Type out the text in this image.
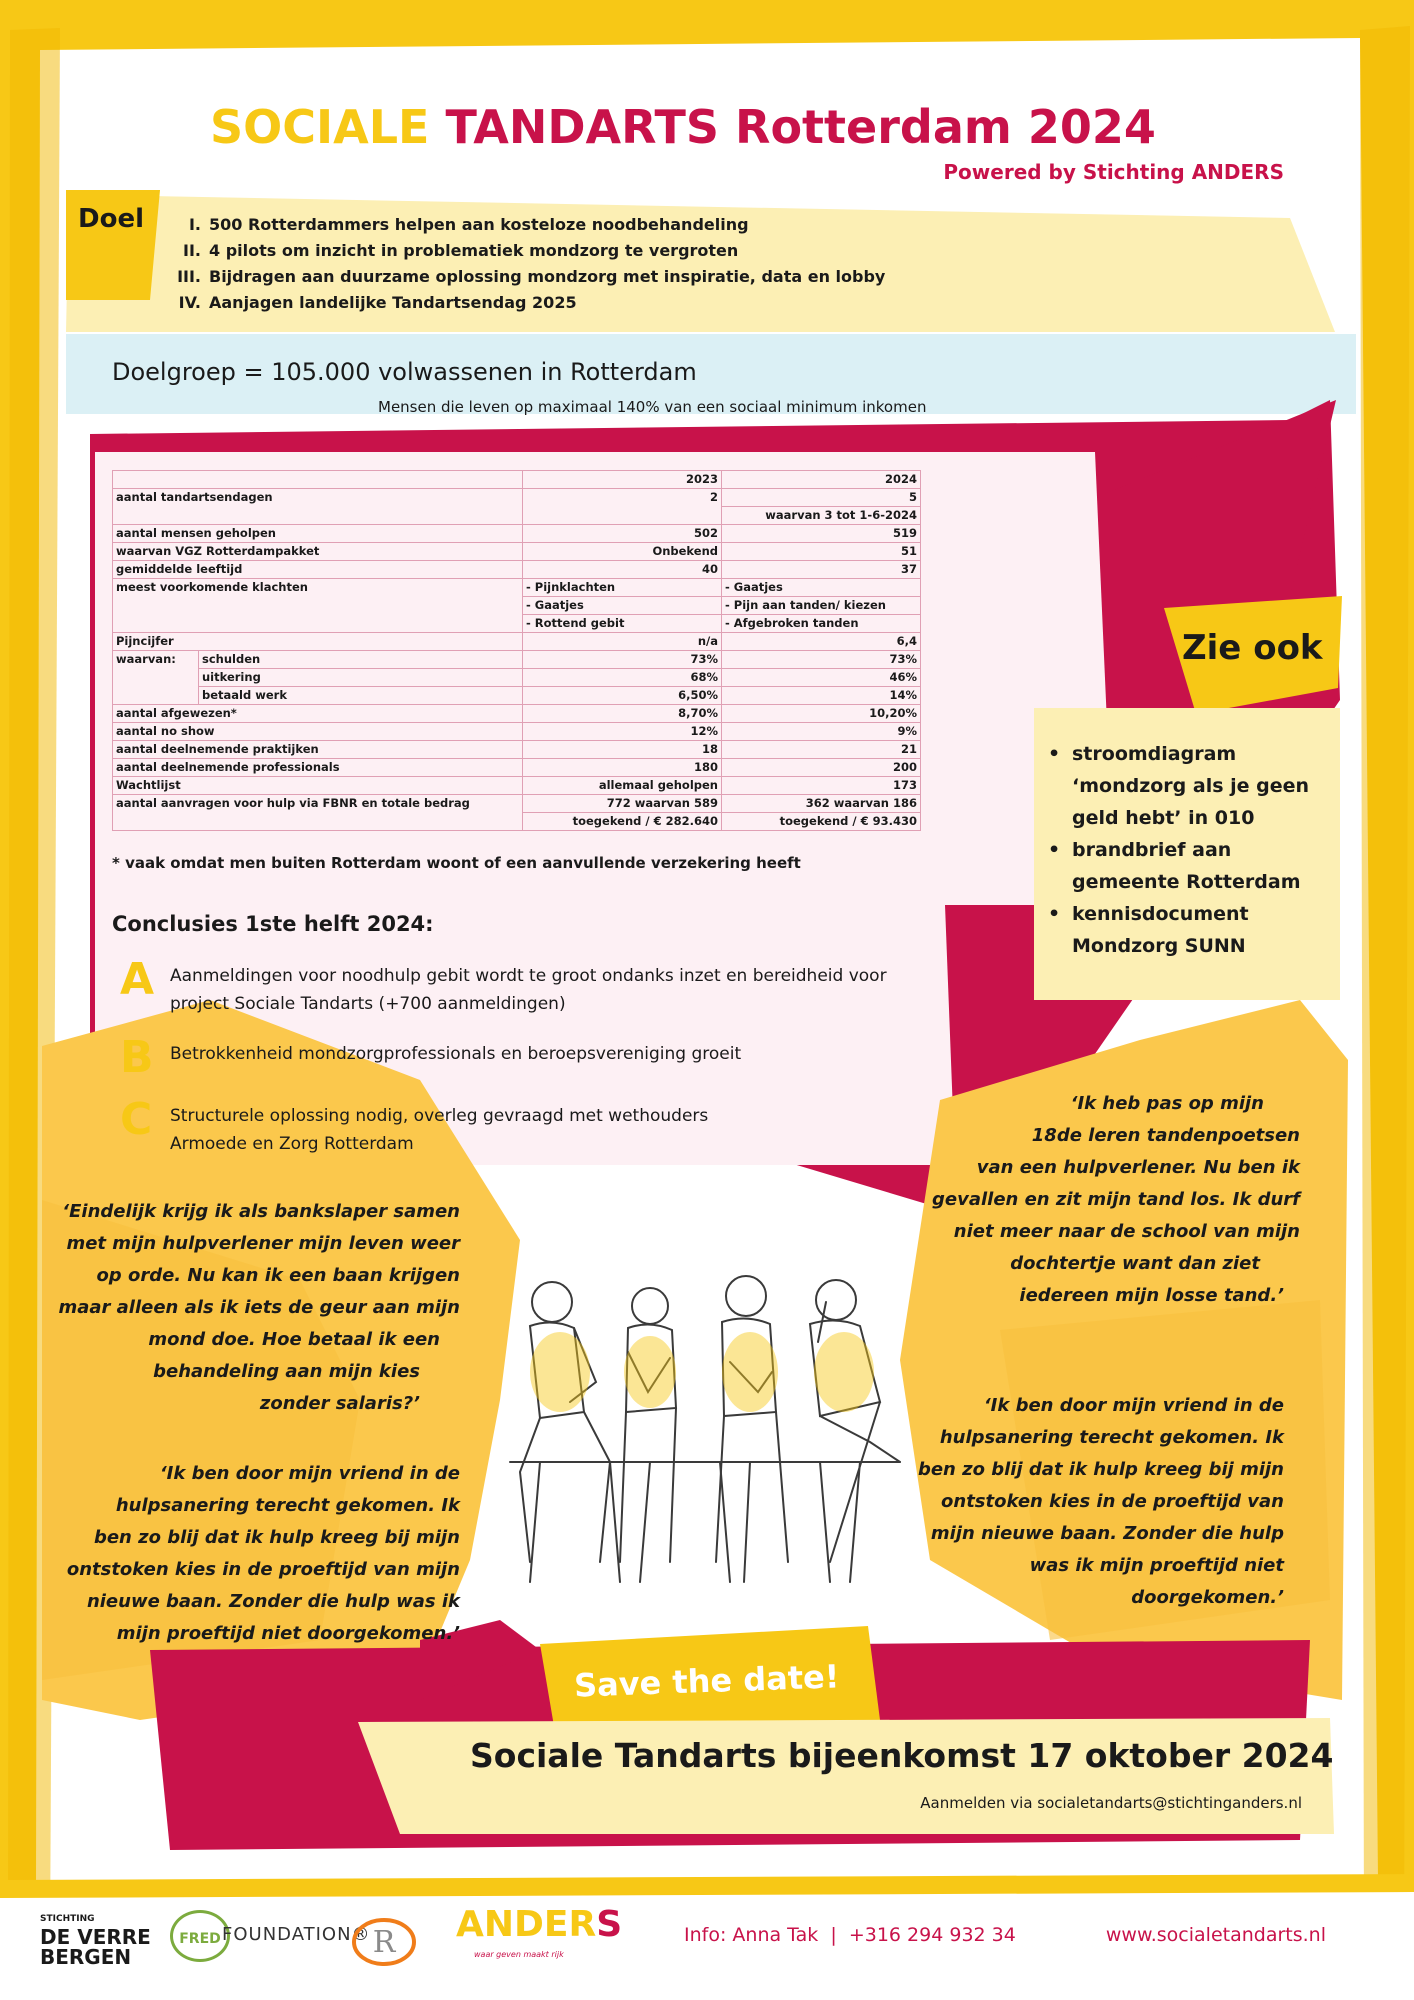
SOCIALE TANDARTS Rotterdam 2024
Powered by Stichting ANDERS
Doel	I. 500 Rotterdammers helpen aan kosteloze noodbehandeling
II. 4 pilots om inzicht in problematiek mondzorg te vergroten
III. Bijdragen aan duurzame oplossing mondzorg met inspiratie, data en lobby
IV. Aanjagen landelijke Tandartsendag 2025
Doelgroep = 105.000 volwassenen in Rotterdam
Mensen die leven op maximaal 140% van een sociaal minimum inkomen
		2023	2024
aantal tandartsendagen		2	5
			waarvan 3 tot 1-6-2024
aantal mensen geholpen		502	519
waarvan VGZ Rotterdampakket		Onbekend	51
gemiddelde leeftijd		40	37
meest voorkomende klachten		- Pijnklachten	- Gaatjes
		- Gaatjes	- Pijn aan tanden/ kiezen
		- Rottend gebit	- Afgebroken tanden
Pijncijfer		n/a	6,4
waarvan:	schulden	73%	73%
	uitkering	68%	46%
	betaald werk	6,50%	14%
aantal afgewezen*		8,70%	10,20%
aantal no show		12%	9%
aantal deelnemende praktijken		18	21
aantal deelnemende professionals		180	200
Wachtlijst		allemaal geholpen	173
aantal aanvragen voor hulp via FBNR en totale bedrag		772 waarvan 589	362 waarvan 186
		toegekend / € 282.640	toegekend / € 93.430
* vaak omdat men buiten Rotterdam woont of een aanvullende verzekering heeft
Conclusies 1ste helft 2024:
A Aanmeldingen voor noodhulp gebit wordt te groot ondanks inzet en bereidheid voor
project Sociale Tandarts (+700 aanmeldingen)
B Betrokkenheid mondzorgprofessionals en beroepsvereniging groeit
C Structurele oplossing nodig, overleg gevraagd met wethouders
Armoede en Zorg Rotterdam
Zie ook
• stroomdiagram
‘mondzorg als je geen
geld hebt’ in 010
• brandbrief aan
gemeente Rotterdam
• kennisdocument
Mondzorg SUNN
‘Eindelijk krijg ik als bankslaper samen
met mijn hulpverlener mijn leven weer
op orde. Nu kan ik een baan krijgen
maar alleen als ik iets de geur aan mijn
mond doe. Hoe betaal ik een
behandeling aan mijn kies
zonder salaris?’
‘Ik ben door mijn vriend in de
hulpsanering terecht gekomen. Ik
ben zo blij dat ik hulp kreeg bij mijn
ontstoken kies in de proeftijd van mijn
nieuwe baan. Zonder die hulp was ik
mijn proeftijd niet doorgekomen.’
‘Ik heb pas op mijn
18de leren tandenpoetsen
van een hulpverlener. Nu ben ik
gevallen en zit mijn tand los. Ik durf
niet meer naar de school van mijn
dochtertje want dan ziet
iedereen mijn losse tand.’
‘Ik ben door mijn vriend in de
hulpsanering terecht gekomen. Ik
ben zo blij dat ik hulp kreeg bij mijn
ontstoken kies in de proeftijd van
mijn nieuwe baan. Zonder die hulp
was ik mijn proeftijd niet
doorgekomen.’
Save the date!
Sociale Tandarts bijeenkomst 17 oktober 2024
Aanmelden via socialetandarts@stichtinganders.nl
STICHTING
DE VERRE
BERGEN
FRED FOUNDATION® R ANDERS
waar geven maakt rijk
Info: Anna Tak  |  +316 294 932 34	www.socialetandarts.nl
